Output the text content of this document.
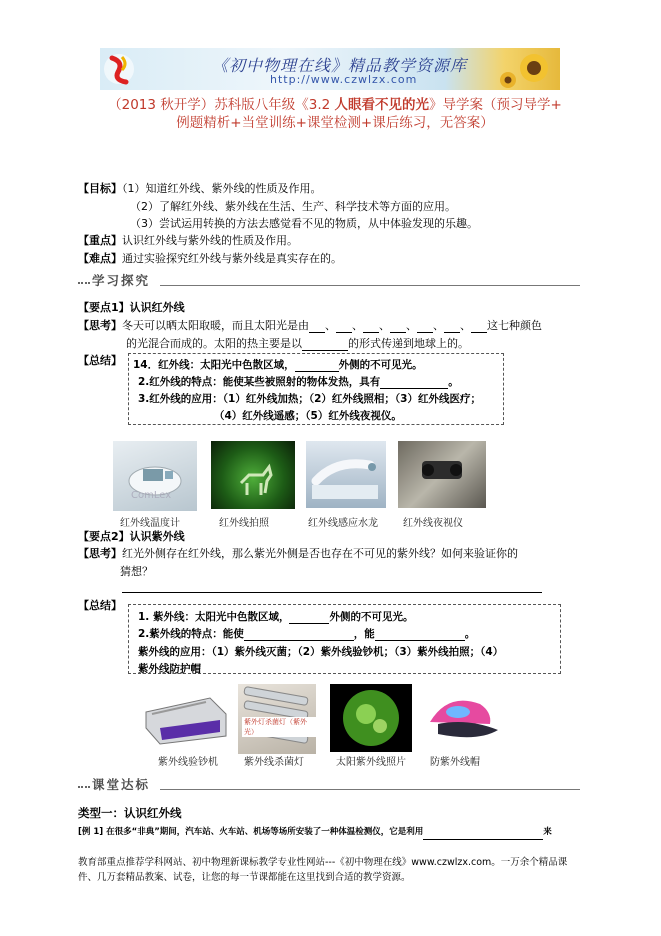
《初中物理在线》精品教学资源库
http://www.czwlzx.com
（2013 秋开学）苏科版八年级《3.2 人眼看不见的光》导学案（预习导学+
例题精析+当堂训练+课堂检测+课后练习，无答案）
【目标】（1）知道红外线、紫外线的性质及作用。
（2）了解红外线、紫外线在生活、生产、科学技术等方面的应用。
（3）尝试运用转换的方法去感觉看不见的物质，从中体验发现的乐趣。
【重点】认识红外线与紫外线的性质及作用。
【难点】通过实验探究红外线与紫外线是真实存在的。
学习探究
【要点1】认识红外线
【思考】冬天可以晒太阳取暖，而且太阳光是由 、 、 、 、 、 、 这七种颜色
的光混合而成的。太阳的热主要是以	的形式传递到地球上的。
【总结】 14．红外线：太阳光中色散区域，	外侧的不可见光。
2.红外线的特点：能使某些被照射的物体发热，具有	。
3.红外线的应用：（1）红外线加热；（2）红外线照相；（3）红外线医疗；
（4）红外线遥感；（5）红外线夜视仪。
ComLex
红外线温度计	红外线拍照	红外线感应水龙	红外线夜视仪
【要点2】认识紫外线
【思考】红光外侧存在红外线，那么紫光外侧是否也存在不可见的紫外线？如何来验证你的
猜想？
【总结】
1. 紫外线：太阳光中色散区域，	外侧的不可见光。
2.紫外线的特点：能使	，能	。
紫外线的应用：（1）紫外线灭菌；（2）紫外线验钞机；（3）紫外线拍照；（4）
紫外线防护帽
紫外灯杀菌灯（紫外光）
紫外线验钞机	紫外线杀菌灯	太阳紫外线照片 防紫外线帽
课堂达标
类型一：认识红外线
[例 1] 在很多“非典”期间，汽车站、火车站、机场等场所安装了一种体温检测仪，它是利用	来
教育部重点推荐学科网站、初中物理新课标教学专业性网站---《初中物理在线》www.czwlzx.com。一万余个精品课
件、几万套精品教案、试卷，让您的每一节课都能在这里找到合适的教学资源。
